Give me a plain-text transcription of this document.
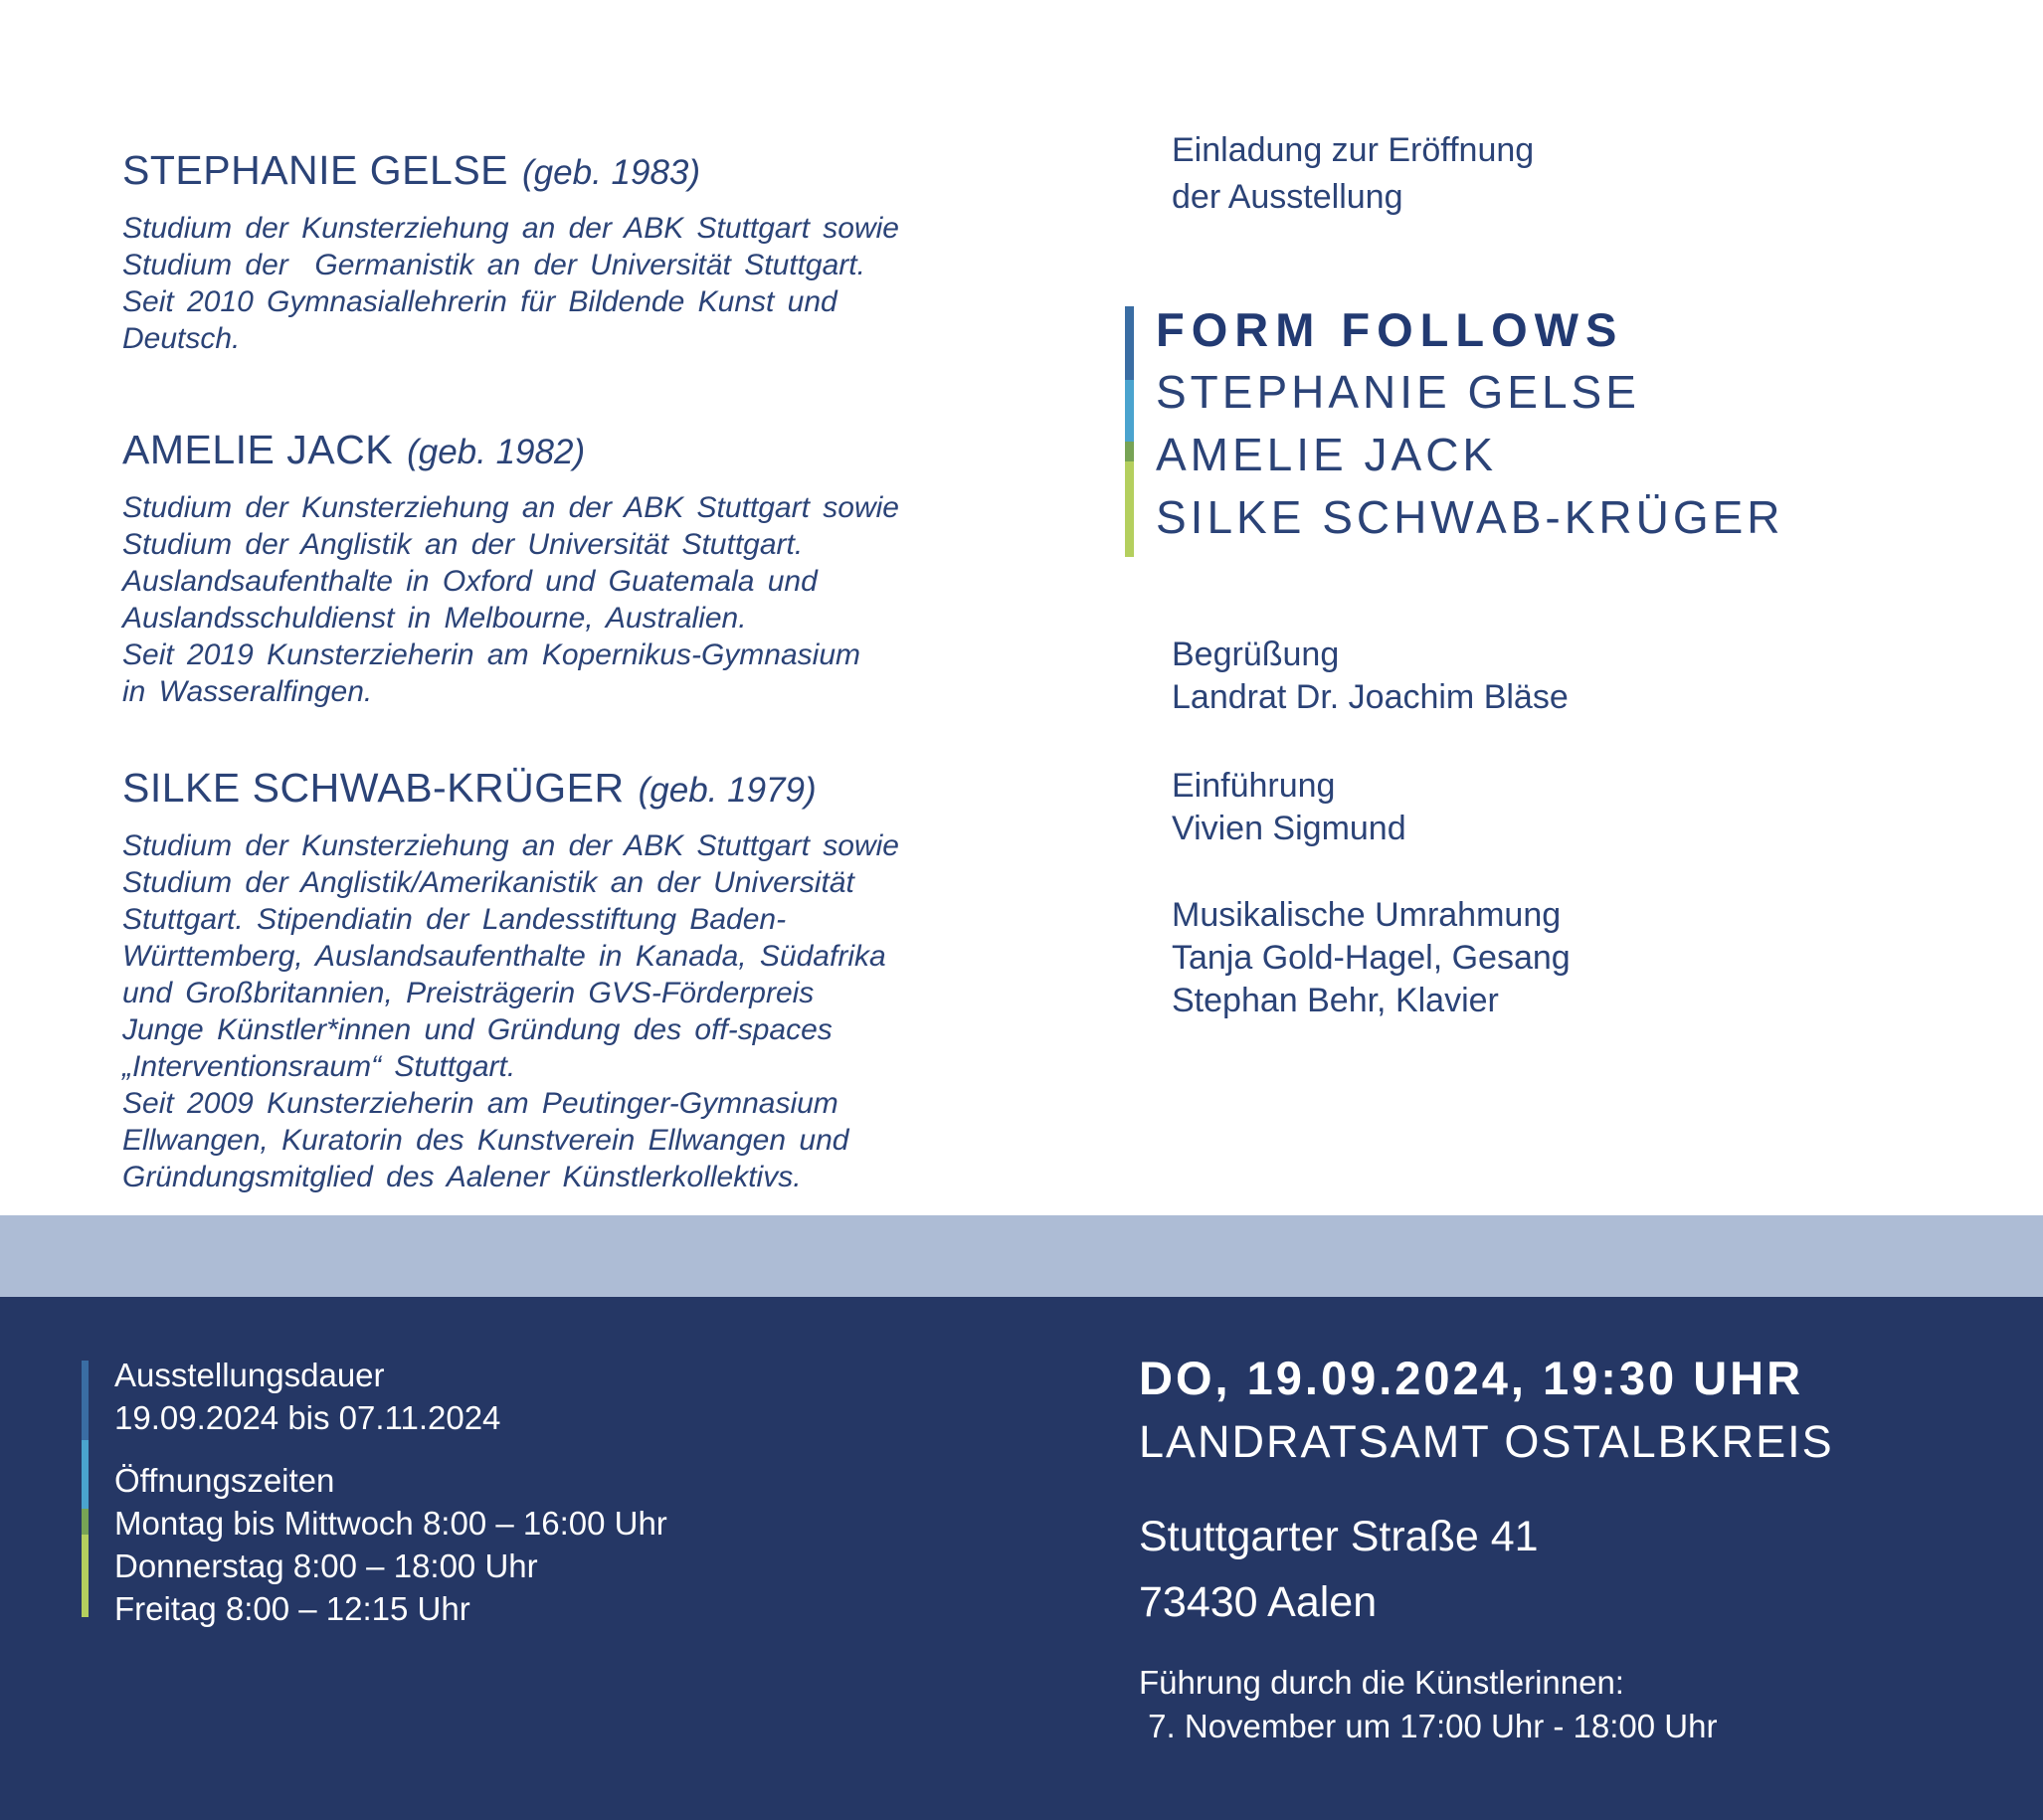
STEPHANIE GELSE (geb. 1983)
Studium der Kunsterziehung an der ABK Stuttgart sowie
Studium der  Germanistik an der Universität Stuttgart.
Seit 2010 Gymnasiallehrerin für Bildende Kunst und
Deutsch.
AMELIE JACK (geb. 1982)
Studium der Kunsterziehung an der ABK Stuttgart sowie
Studium der Anglistik an der Universität Stuttgart.
Auslandsaufenthalte in Oxford und Guatemala und
Auslandsschuldienst in Melbourne, Australien.
Seit 2019 Kunsterzieherin am Kopernikus-Gymnasium
in Wasseralfingen.
SILKE SCHWAB-KRÜGER (geb. 1979)
Studium der Kunsterziehung an der ABK Stuttgart sowie
Studium der Anglistik/Amerikanistik an der Universität
Stuttgart. Stipendiatin der Landesstiftung Baden-
Württemberg, Auslandsaufenthalte in Kanada, Südafrika
und Großbritannien, Preisträgerin GVS-Förderpreis
Junge Künstler*innen und Gründung des off-spaces
„Interventionsraum“ Stuttgart.
Seit 2009 Kunsterzieherin am Peutinger-Gymnasium
Ellwangen, Kuratorin des Kunstverein Ellwangen und
Gründungsmitglied des Aalener Künstlerkollektivs.
Einladung zur Eröffnung
der Ausstellung
FORM FOLLOWS
STEPHANIE GELSE
AMELIE JACK
SILKE SCHWAB-KRÜGER
Begrüßung
Landrat Dr. Joachim Bläse
Einführung
Vivien Sigmund
Musikalische Umrahmung
Tanja Gold-Hagel, Gesang
Stephan Behr, Klavier
Ausstellungsdauer
19.09.2024 bis 07.11.2024
Öffnungszeiten
Montag bis Mittwoch 8:00 – 16:00 Uhr
Donnerstag 8:00 – 18:00 Uhr
Freitag 8:00 – 12:15 Uhr
DO, 19.09.2024, 19:30 UHR
LANDRATSAMT OSTALBKREIS
Stuttgarter Straße 41
73430 Aalen
Führung durch die Künstlerinnen:
7. November um 17:00 Uhr - 18:00 Uhr
